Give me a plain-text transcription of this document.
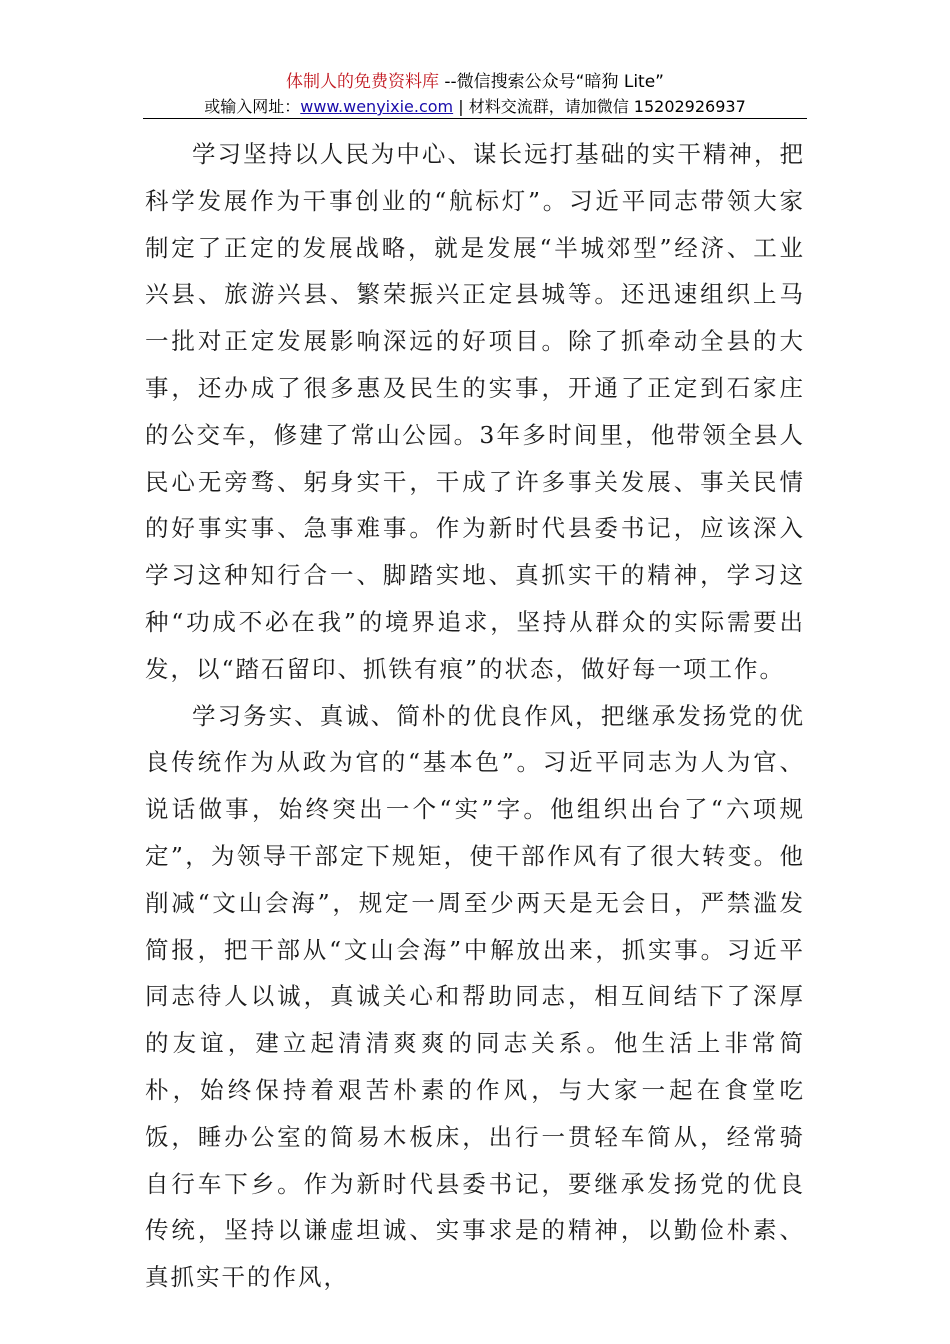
体制人的免费资料库 --微信搜索公众号“暗狗 Lite”
或输入网址：www.wenyixie.com | 材料交流群，请加微信 15202926937

学习坚持以人民为中心、谋长远打基础的实干精神，把科学发展作为干事创业的“航标灯”。习近平同志带领大家制定了正定的发展战略，就是发展“半城郊型”经济、工业兴县、旅游兴县、繁荣振兴正定县城等。还迅速组织上马一批对正定发展影响深远的好项目。除了抓牵动全县的大事，还办成了很多惠及民生的实事，开通了正定到石家庄的公交车，修建了常山公园。3年多时间里，他带领全县人民心无旁骛、躬身实干，干成了许多事关发展、事关民情的好事实事、急事难事。作为新时代县委书记，应该深入学习这种知行合一、脚踏实地、真抓实干的精神，学习这种“功成不必在我”的境界追求，坚持从群众的实际需要出发，以“踏石留印、抓铁有痕”的状态，做好每一项工作。

学习务实、真诚、简朴的优良作风，把继承发扬党的优良传统作为从政为官的“基本色”。习近平同志为人为官、说话做事，始终突出一个“实”字。他组织出台了“六项规定”，为领导干部定下规矩，使干部作风有了很大转变。他削减“文山会海”，规定一周至少两天是无会日，严禁滥发简报，把干部从“文山会海”中解放出来，抓实事。习近平同志待人以诚，真诚关心和帮助同志，相互间结下了深厚的友谊，建立起清清爽爽的同志关系。他生活上非常简朴，始终保持着艰苦朴素的作风，与大家一起在食堂吃饭，睡办公室的简易木板床，出行一贯轻车简从，经常骑自行车下乡。作为新时代县委书记，要继承发扬党的优良传统，坚持以谦虚坦诚、实事求是的精神，以勤俭朴素、真抓实干的作风，
